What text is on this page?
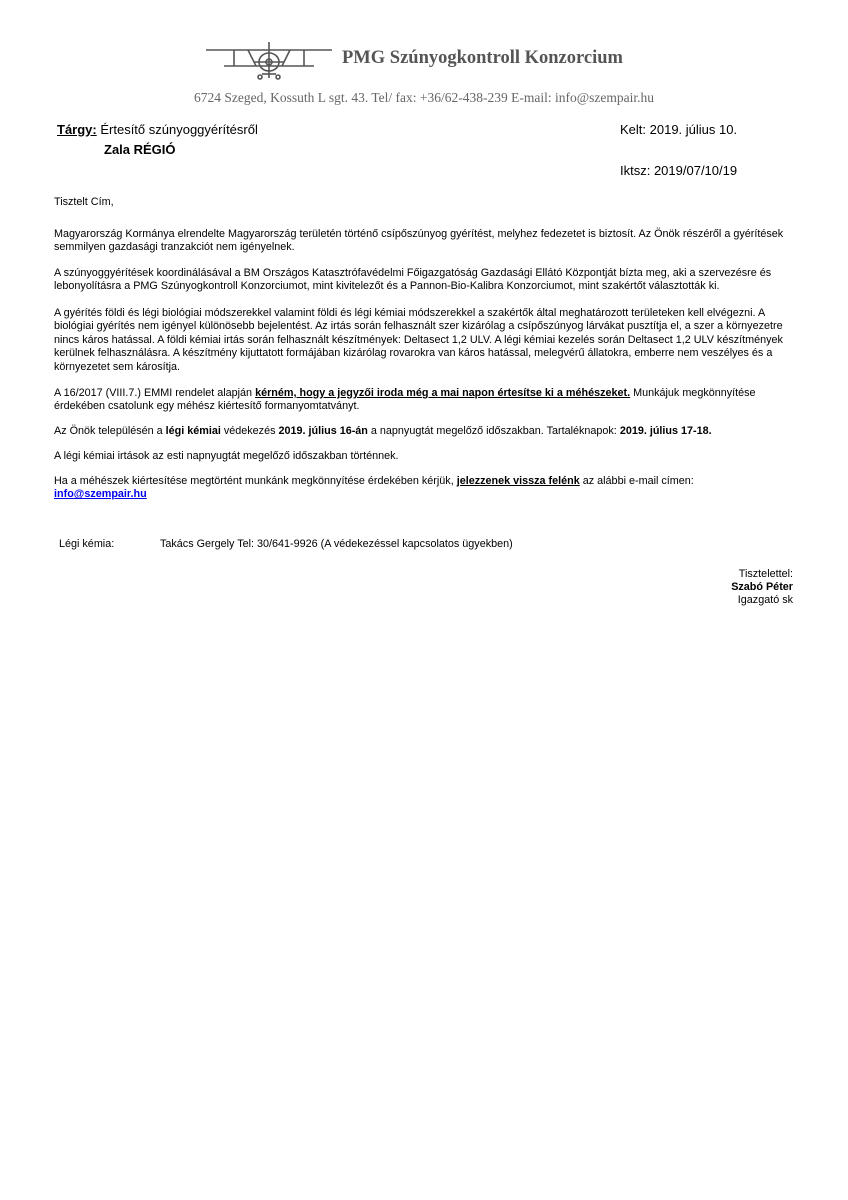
PMG Szúnyogkontroll Konzorcium
6724 Szeged, Kossuth L sgt. 43. Tel/ fax: +36/62-438-239 E-mail: info@szempair.hu
Tárgy: Értesítő szúnyoggyérítésről
Zala RÉGIÓ
Kelt: 2019. július 10.
Iktsz: 2019/07/10/19
Tisztelt Cím,

Magyarország Kormánya elrendelte Magyarország területén történő csípőszúnyog gyérítést, melyhez fedezetet is biztosít. Az Önök részéről a gyérítések semmilyen gazdasági tranzakciót nem igényelnek.

A szúnyoggyérítések koordinálásával a BM Országos Katasztrófavédelmi Főigazgatóság Gazdasági Ellátó Központját bízta meg, aki a szervezésre és lebonyolításra a PMG Szúnyogkontroll Konzorciumot, mint kivitelezőt és a Pannon-Bio-Kalibra Konzorciumot, mint szakértőt választották ki.

A gyérítés földi és légi biológiai módszerekkel valamint földi és légi kémiai módszerekkel a szakértők által meghatározott területeken kell elvégezni. A biológiai gyérítés nem igényel különösebb bejelentést. Az irtás során felhasznált szer kizárólag a csípőszúnyog lárvákat pusztítja el, a szer a környezetre nincs káros hatással. A földi kémiai irtás során felhasznált készítmények: Deltasect 1,2 ULV. A légi kémiai kezelés során Deltasect 1,2 ULV készítmények kerülnek felhasználásra. A készítmény kijuttatott formájában kizárólag rovarokra van káros hatással, melegvérű állatokra, emberre nem veszélyes és a környezetet sem károsítja.

A 16/2017 (VIII.7.) EMMI rendelet alapján kérném, hogy a jegyzői iroda még a mai napon értesítse ki a méhészeket. Munkájuk megkönnyítése érdekében csatolunk egy méhész kiértesítő formanyomtatványt.

Az Önök településén a légi kémiai védekezés 2019. július 16-án a napnyugtát megelőző időszakban. Tartaléknapok: 2019. július 17-18.

A légi kémiai irtások az esti napnyugtát megelőző időszakban történnek.

Ha a méhészek kiértesítése megtörtént munkánk megkönnyítése érdekében kérjük, jelezzenek vissza felénk az alábbi e-mail címen:
info@szempair.hu

Légi kémia:	Takács Gergely Tel: 30/641-9926 (A védekezéssel kapcsolatos ügyekben)
Tisztelettel:
Szabó Péter
Igazgató sk
